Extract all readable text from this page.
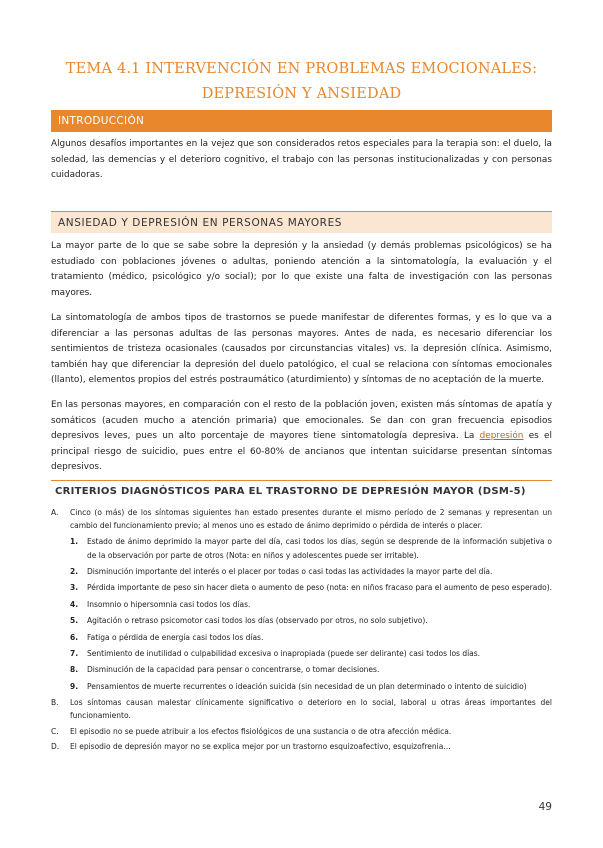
TEMA 4.1 INTERVENCIÓN EN PROBLEMAS EMOCIONALES:
DEPRESIÓN Y ANSIEDAD
INTRODUCCIÓN

Algunos desafíos importantes en la vejez que son considerados retos especiales para la terapia son: el duelo, la soledad, las demencias y el deterioro cognitivo, el trabajo con las personas institucionalizadas y con personas cuidadoras.

ANSIEDAD Y DEPRESIÓN EN PERSONAS MAYORES

La mayor parte de lo que se sabe sobre la depresión y la ansiedad (y demás problemas psicológicos) se ha estudiado con poblaciones jóvenes o adultas, poniendo atención a la sintomatología, la evaluación y el tratamiento (médico, psicológico y/o social); por lo que existe una falta de investigación con las personas mayores.

La sintomatología de ambos tipos de trastornos se puede manifestar de diferentes formas, y es lo que va a diferenciar a las personas adultas de las personas mayores. Antes de nada, es necesario diferenciar los sentimientos de tristeza ocasionales (causados por circunstancias vitales) vs. la depresión clínica. Asimismo, también hay que diferenciar la depresión del duelo patológico, el cual se relaciona con síntomas emocionales (llanto), elementos propios del estrés postraumático (aturdimiento) y síntomas de no aceptación de la muerte.

En las personas mayores, en comparación con el resto de la población joven, existen más síntomas de apatía y somáticos (acuden mucho a atención primaria) que emocionales. Se dan con gran frecuencia episodios depresivos leves, pues un alto porcentaje de mayores tiene sintomatología depresiva. La depresión es el principal riesgo de suicidio, pues entre el 60-80% de ancianos que intentan suicidarse presentan síntomas depresivos.

CRITERIOS DIAGNÓSTICOS PARA EL TRASTORNO DE DEPRESIÓN MAYOR (DSM-5)
A.	Cinco (o más) de los síntomas siguientes han estado presentes durante el mismo período de 2 semanas y representan un cambio del funcionamiento previo; al menos uno es estado de ánimo deprimido o pérdida de interés o placer.
1. Estado de ánimo deprimido la mayor parte del día, casi todos los días, según se desprende de la información subjetiva o de la observación por parte de otros (Nota: en niños y adolescentes puede ser irritable).
2. Disminución importante del interés o el placer por todas o casi todas las actividades la mayor parte del día.
3. Pérdida importante de peso sin hacer dieta o aumento de peso (nota: en niños fracaso para el aumento de peso esperado).
4. Insomnio o hipersomnia casi todos los días.
5. Agitación o retraso psicomotor casi todos los días (observado por otros, no solo subjetivo).
6. Fatiga o pérdida de energía casi todos los días.
7. Sentimiento de inutilidad o culpabilidad excesiva o inapropiada (puede ser delirante) casi todos los días.
8. Disminución de la capacidad para pensar o concentrarse, o tomar decisiones.
9. Pensamientos de muerte recurrentes o ideación suicida (sin necesidad de un plan determinado o intento de suicidio)
B.	Los síntomas causan malestar clínicamente significativo o deterioro en lo social, laboral u otras áreas importantes del funcionamiento.
C.	El episodio no se puede atribuir a los efectos fisiológicos de una sustancia o de otra afección médica.
D.	El episodio de depresión mayor no se explica mejor por un trastorno esquizoafectivo, esquizofrenia…
49
